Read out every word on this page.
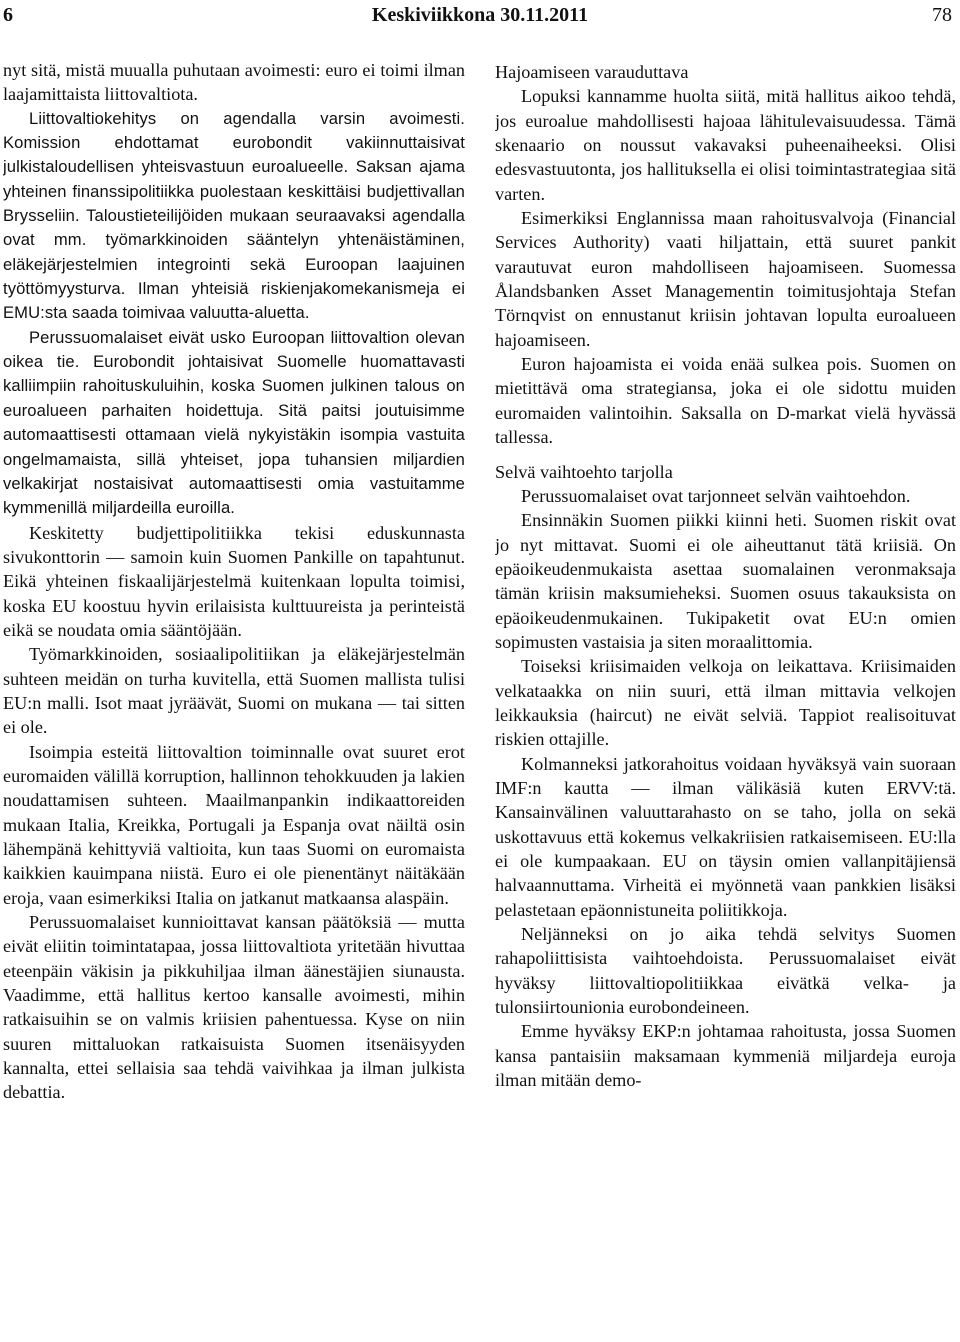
6	Keskiviikkona 30.11.2011	78

nyt sitä, mistä muualla puhutaan avoimesti: euro ei toimi ilman laajamittaista liittovaltiota.

Liittovaltiokehitys on agendalla varsin avoimesti. Komission ehdottamat eurobondit vakiinnuttaisivat julkistaloudellisen yhteisvastuun euroalueelle. Saksan ajama yhteinen finanssipolitiikka puolestaan keskittäisi budjettivallan Brysseliin. Taloustieteilijöiden mukaan seuraavaksi agendalla ovat mm. työmarkkinoiden sääntelyn yhtenäistäminen, eläkejärjestelmien integrointi sekä Euroopan laajuinen työttömyysturva. Ilman yhteisiä riskienjakomekanismeja ei EMU:sta saada toimivaa valuutta-aluetta.

Perussuomalaiset eivät usko Euroopan liittovaltion olevan oikea tie. Eurobondit johtaisivat Suomelle huomattavasti kalliimpiin rahoituskuluihin, koska Suomen julkinen talous on euroalueen parhaiten hoidettuja. Sitä paitsi joutuisimme automaattisesti ottamaan vielä nykyistäkin isompia vastuita ongelmamaista, sillä yhteiset, jopa tuhansien miljardien velkakirjat nostaisivat automaattisesti omia vastuitamme kymmenillä miljardeilla euroilla.

Keskitetty budjettipolitiikka tekisi eduskunnasta sivukonttorin — samoin kuin Suomen Pankille on tapahtunut. Eikä yhteinen fiskaalijärjestelmä kuitenkaan lopulta toimisi, koska EU koostuu hyvin erilaisista kulttuureista ja perinteistä eikä se noudata omia sääntöjään.

Työmarkkinoiden, sosiaalipolitiikan ja eläkejärjestelmän suhteen meidän on turha kuvitella, että Suomen mallista tulisi EU:n malli. Isot maat jyräävät, Suomi on mukana — tai sitten ei ole.

Isoimpia esteitä liittovaltion toiminnalle ovat suuret erot euromaiden välillä korruption, hallinnon tehokkuuden ja lakien noudattamisen suhteen. Maailmanpankin indikaattoreiden mukaan Italia, Kreikka, Portugali ja Espanja ovat näiltä osin lähempänä kehittyviä valtioita, kun taas Suomi on euromaista kaikkien kauimpana niistä. Euro ei ole pienentänyt näitäkään eroja, vaan esimerkiksi Italia on jatkanut matkaansa alaspäin.

Perussuomalaiset kunnioittavat kansan päätöksiä — mutta eivät eliitin toimintatapaa, jossa liittovaltiota yritetään hivuttaa eteenpäin väkisin ja pikkuhiljaa ilman äänestäjien siunausta. Vaadimme, että hallitus kertoo kansalle avoimesti, mihin ratkaisuihin se on valmis kriisien pahentuessa. Kyse on niin suuren mittaluokan ratkaisuista Suomen itsenäisyyden kannalta, ettei sellaisia saa tehdä vaivihkaa ja ilman julkista debattia.

Hajoamiseen varauduttava

Lopuksi kannamme huolta siitä, mitä hallitus aikoo tehdä, jos euroalue mahdollisesti hajoaa lähitulevaisuudessa. Tämä skenaario on noussut vakavaksi puheenaiheeksi. Olisi edesvastuutonta, jos hallituksella ei olisi toimintastrategiaa sitä varten.

Esimerkiksi Englannissa maan rahoitusvalvoja (Financial Services Authority) vaati hiljattain, että suuret pankit varautuvat euron mahdolliseen hajoamiseen. Suomessa Ålandsbanken Asset Managementin toimitusjohtaja Stefan Törnqvist on ennustanut kriisin johtavan lopulta euroalueen hajoamiseen.

Euron hajoamista ei voida enää sulkea pois. Suomen on mietittävä oma strategiansa, joka ei ole sidottu muiden euromaiden valintoihin. Saksalla on D-markat vielä hyvässä tallessa.

Selvä vaihtoehto tarjolla

Perussuomalaiset ovat tarjonneet selvän vaihtoehdon.

Ensinnäkin Suomen piikki kiinni heti. Suomen riskit ovat jo nyt mittavat. Suomi ei ole aiheuttanut tätä kriisiä. On epäoikeudenmukaista asettaa suomalainen veronmaksaja tämän kriisin maksumieheksi. Suomen osuus takauksista on epäoikeudenmukainen. Tukipaketit ovat EU:n omien sopimusten vastaisia ja siten moraalittomia.

Toiseksi kriisimaiden velkoja on leikattava. Kriisimaiden velkataakka on niin suuri, että ilman mittavia velkojen leikkauksia (haircut) ne eivät selviä. Tappiot realisoituvat riskien ottajille.

Kolmanneksi jatkorahoitus voidaan hyväksyä vain suoraan IMF:n kautta — ilman välikäsiä kuten ERVV:tä. Kansainvälinen valuuttarahasto on se taho, jolla on sekä uskottavuus että kokemus velkakriisien ratkaisemiseen. EU:lla ei ole kumpaakaan. EU on täysin omien vallanpitäjiensä halvaannuttama. Virheitä ei myönnetä vaan pankkien lisäksi pelastetaan epäonnistuneita poliitikkoja.

Neljänneksi on jo aika tehdä selvitys Suomen rahapoliittisista vaihtoehdoista. Perussuomalaiset eivät hyväksy liittovaltiopolitiikkaa eivätkä velka- ja tulonsiirtounionia eurobondeineen.

Emme hyväksy EKP:n johtamaa rahoitusta, jossa Suomen kansa pantaisiin maksamaan kymmeniä miljardeja euroja ilman mitään demo-
